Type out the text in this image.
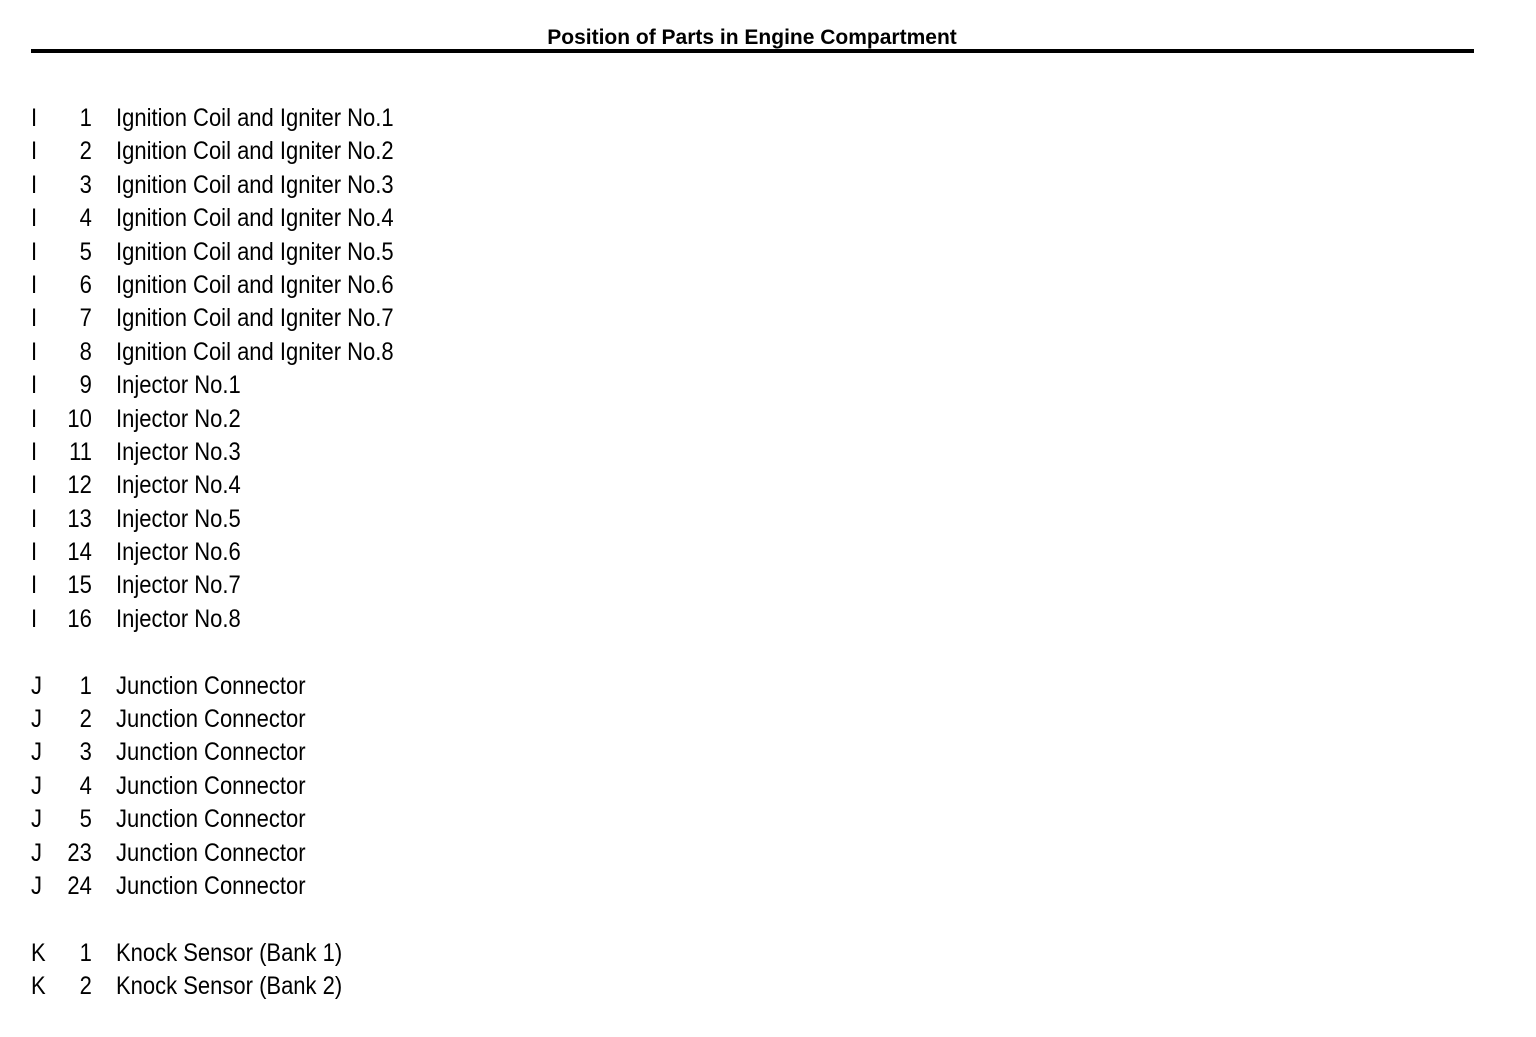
Position of Parts in Engine Compartment
I	1 Ignition Coil and Igniter No.1
I	2 Ignition Coil and Igniter No.2
I	3 Ignition Coil and Igniter No.3
I	4 Ignition Coil and Igniter No.4
I	5 Ignition Coil and Igniter No.5
I	6 Ignition Coil and Igniter No.6
I	7 Ignition Coil and Igniter No.7
I	8 Ignition Coil and Igniter No.8
I	9 Injector No.1
I	10 Injector No.2
I	11 Injector No.3
I	12 Injector No.4
I	13 Injector No.5
I	14 Injector No.6
I	15 Injector No.7
I	16 Injector No.8
J	1 Junction Connector
J	2 Junction Connector
J	3 Junction Connector
J	4 Junction Connector
J	5 Junction Connector
J	23 Junction Connector
J	24 Junction Connector
K	1 Knock Sensor (Bank 1)
K	2 Knock Sensor (Bank 2)
